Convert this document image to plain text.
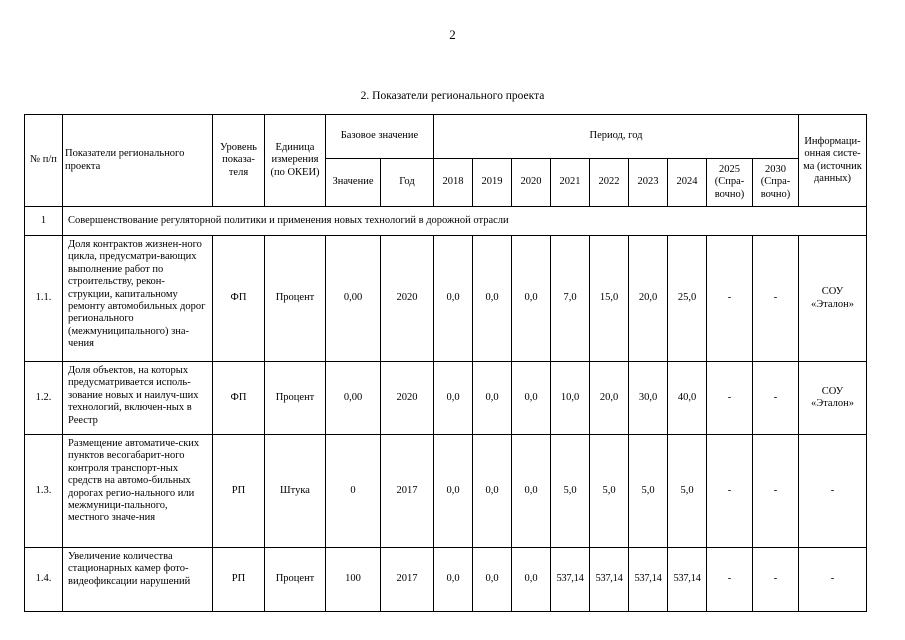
2
2. Показатели регионального проекта
№ п/п	Показатели регионального проекта	Уровень показа-теля	Единица измерения (по ОКЕИ)	Базовое значение		Период, год									Информаци-онная систе-ма (источник данных)
				Значение	Год	2018	2019	2020	2021	2022	2023	2024	2025 (Спра-вочно)	2030 (Спра-вочно)	
1	Совершенствование регуляторной политики и применения новых технологий в дорожной отрасли														
1.1.	Доля контрактов жизнен-ного цикла, предусматри-вающих выполнение работ по строительству, рекон-струкции, капитальному ремонту автомобильных дорог регионального (межмуниципального) зна-чения	ФП	Процент	0,00	2020	0,0	0,0	0,0	7,0	15,0	20,0	25,0	-	-	СОУ «Эталон»
1.2.	Доля объектов, на которых предусматривается исполь-зование новых и наилуч-ших технологий, включен-ных в Реестр	ФП	Процент	0,00	2020	0,0	0,0	0,0	10,0	20,0	30,0	40,0	-	-	СОУ «Эталон»
1.3.	Размещение автоматиче-ских пунктов весогабарит-ного контроля транспорт-ных средств на автомо-бильных дорогах регио-нального или межмуници-пального, местного значе-ния	РП	Штука	0	2017	0,0	0,0	0,0	5,0	5,0	5,0	5,0	-	-	-
1.4.	Увеличение количества стационарных камер фото-видеофиксации нарушений	РП	Процент	100	2017	0,0	0,0	0,0	537,14	537,14	537,14	537,14	-	-	-
